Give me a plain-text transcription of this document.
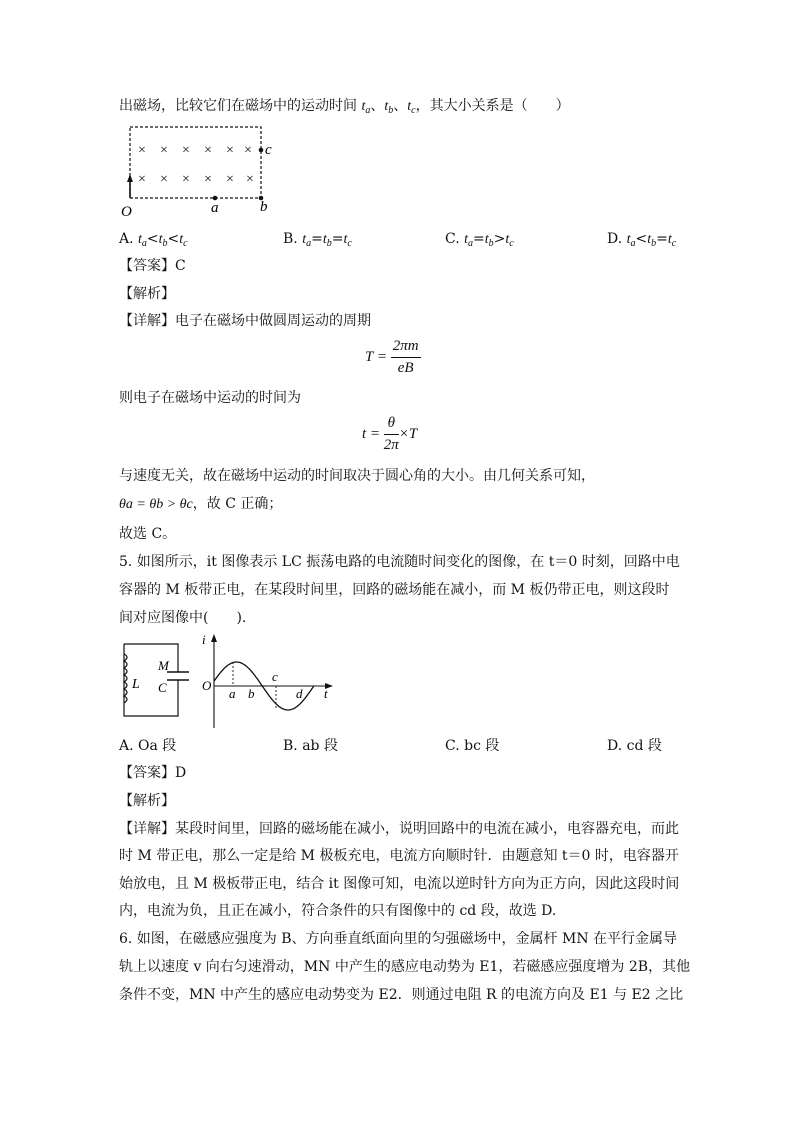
出磁场，比较它们在磁场中的运动时间 $t_a$、$t_b$、$t_c$，其大小关系是（　　）
× × × × × ×
× × × × × ×
O	a	b
c
A. $t_a<t_b<t_c$	B. $t_a=t_b=t_c$	C. $t_a=t_b>t_c$	D. $t_a<t_b=t_c$
【答案】C
【解析】
【详解】电子在磁场中做圆周运动的周期
$T = \frac{2\pi m}{eB}$
则电子在磁场中运动的时间为
$t = \frac{\theta}{2\pi} \times T$
与速度无关，故在磁场中运动的时间取决于圆心角的大小。由几何关系可知，
θa = θb > θc，故 C 正确；
故选 C。
5. 如图所示，it 图像表示 LC 振荡电路的电流随时间变化的图像，在 t＝0 时刻，回路中电
容器的 M 板带正电，在某段时间里，回路的磁场能在减小，而 M 板仍带正电，则这段时
间对应图像中(　　).
L
M
C
i
O
a b
c
d t
A. Oa 段	B. ab 段	C. bc 段	D. cd 段
【答案】D
【解析】
【详解】某段时间里，回路的磁场能在减小，说明回路中的电流在减小，电容器充电，而此
时 M 带正电，那么一定是给 M 极板充电，电流方向顺时针．由题意知 t＝0 时，电容器开
始放电，且 M 极板带正电，结合 it 图像可知，电流以逆时针方向为正方向，因此这段时间
内，电流为负，且正在减小，符合条件的只有图像中的 cd 段，故选 D.
6. 如图，在磁感应强度为 B、方向垂直纸面向里的匀强磁场中，金属杆 MN 在平行金属导
轨上以速度 v 向右匀速滑动，MN 中产生的感应电动势为 E1，若磁感应强度增为 2B，其他
条件不变，MN 中产生的感应电动势变为 E2．则通过电阻 R 的电流方向及 E1 与 E2 之比
